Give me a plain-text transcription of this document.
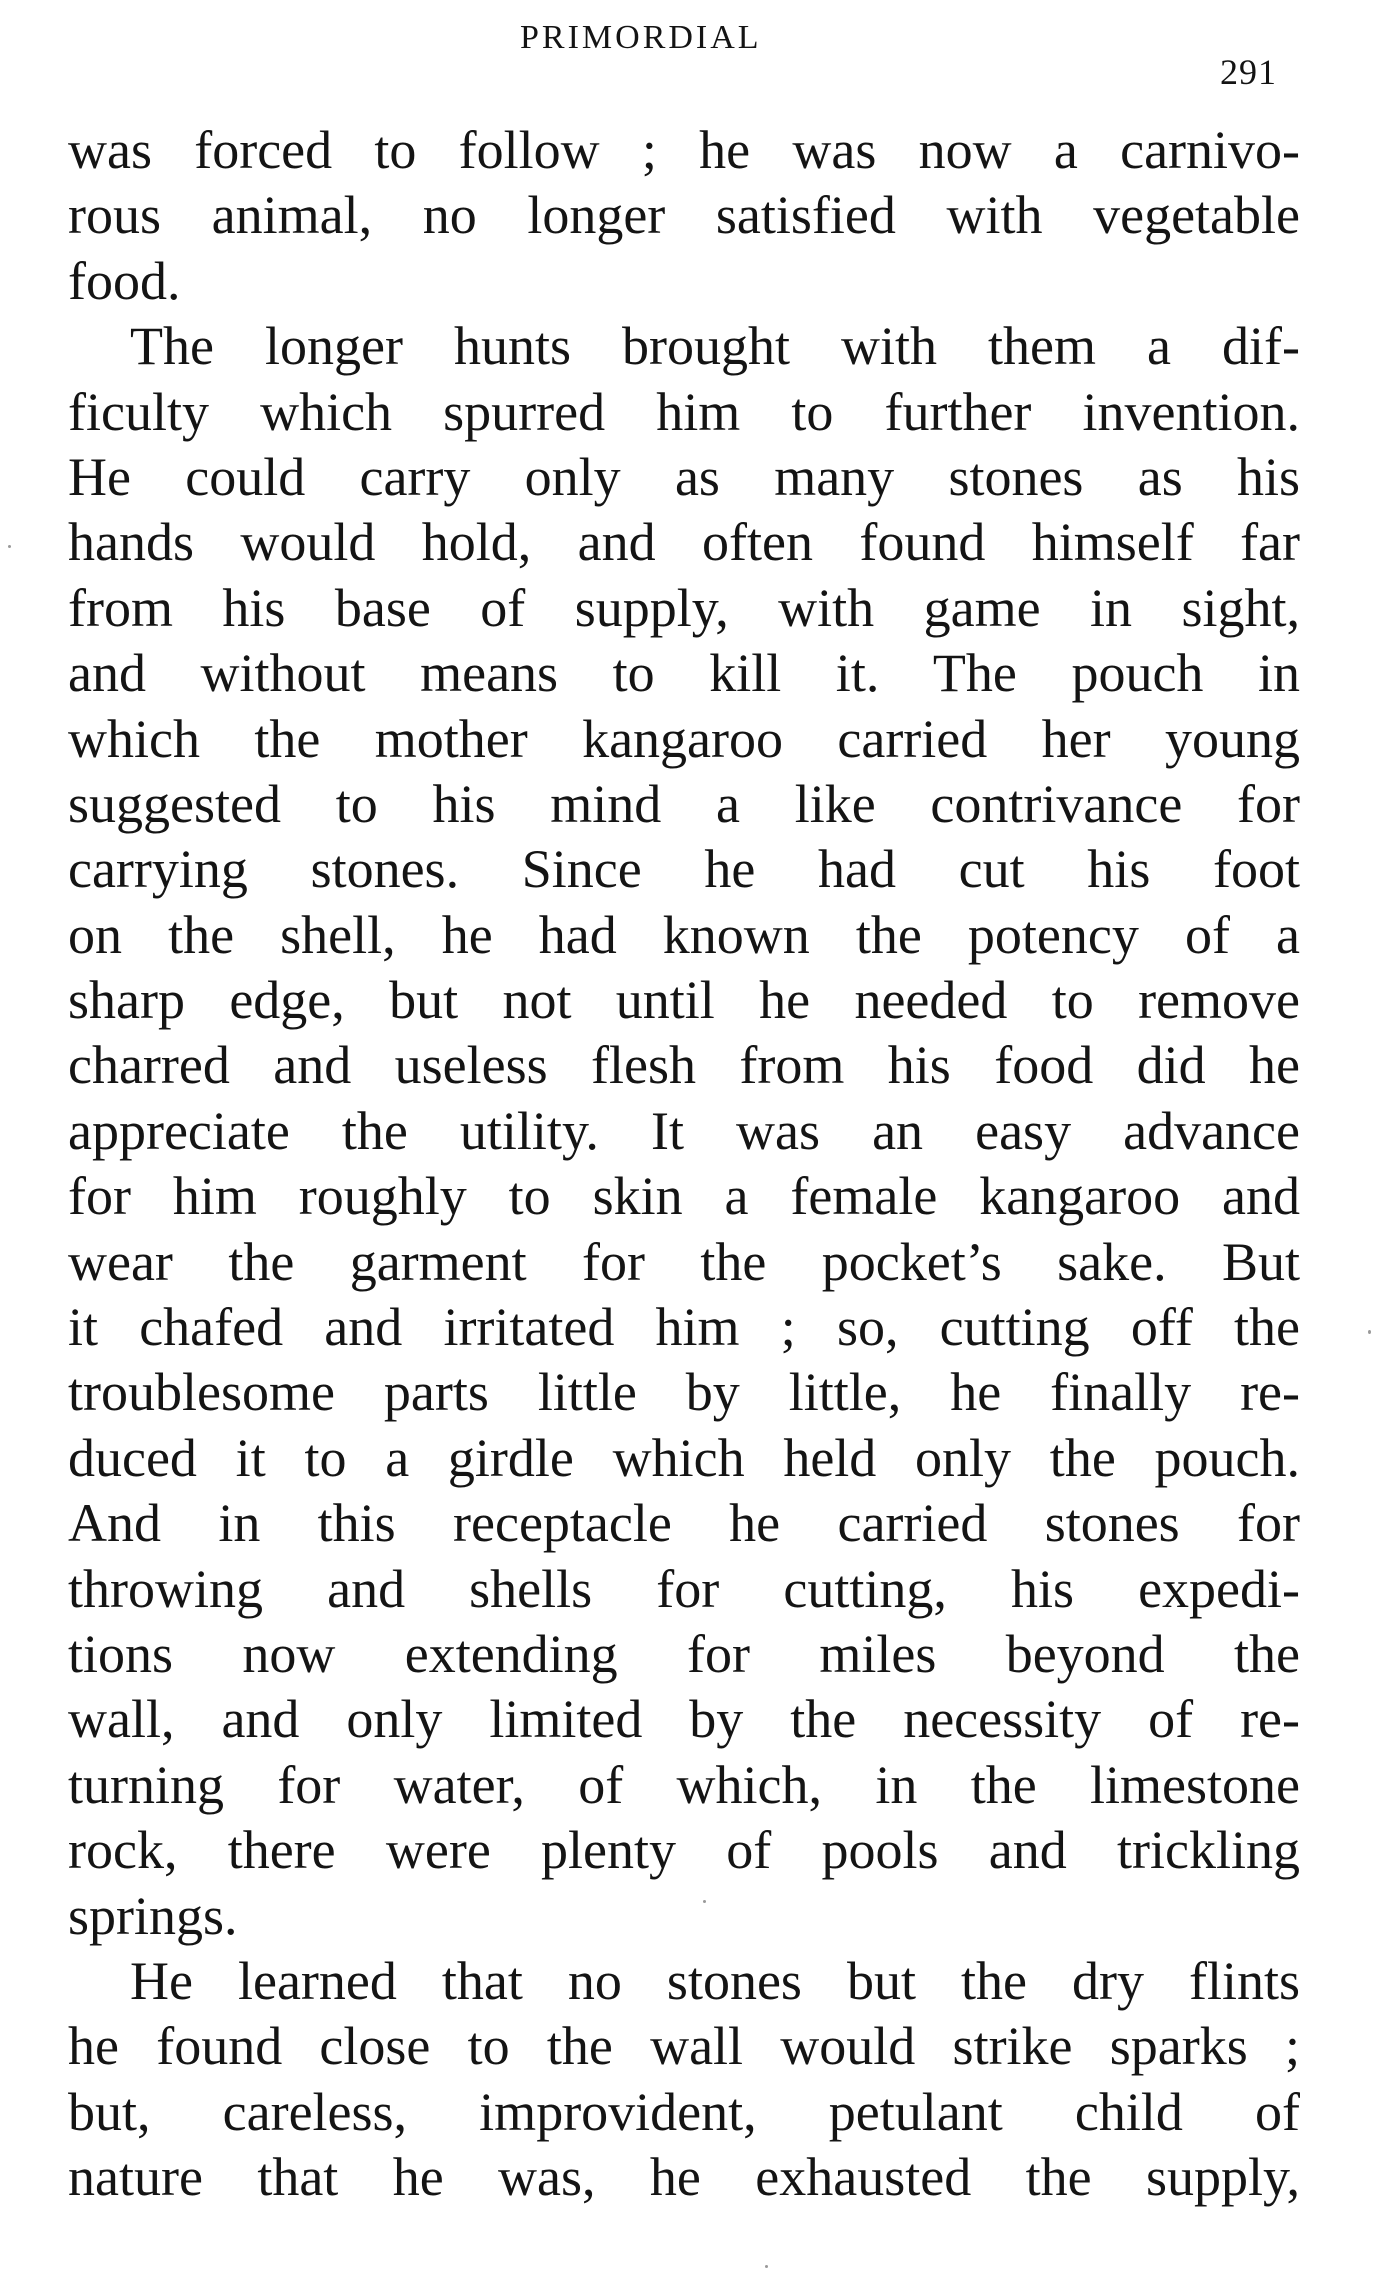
PRIMORDIAL
291
was forced to follow ; he was now a carnivo-
rous animal, no longer satisfied with vegetable
food.
The longer hunts brought with them a dif-
ficulty which spurred him to further invention.
He could carry only as many stones as his
hands would hold, and often found himself far
from his base of supply, with game in sight,
and without means to kill it. The pouch in
which the mother kangaroo carried her young
suggested to his mind a like contrivance for
carrying stones. Since he had cut his foot
on the shell, he had known the potency of a
sharp edge, but not until he needed to remove
charred and useless flesh from his food did he
appreciate the utility. It was an easy advance
for him roughly to skin a female kangaroo and
wear the garment for the pocket’s sake. But
it chafed and irritated him ; so, cutting off the
troublesome parts little by little, he finally re-
duced it to a girdle which held only the pouch.
And in this receptacle he carried stones for
throwing and shells for cutting, his expedi-
tions now extending for miles beyond the
wall, and only limited by the necessity of re-
turning for water, of which, in the limestone
rock, there were plenty of pools and trickling
springs.
He learned that no stones but the dry flints
he found close to the wall would strike sparks ;
but, careless, improvident, petulant child of
nature that he was, he exhausted the supply,
